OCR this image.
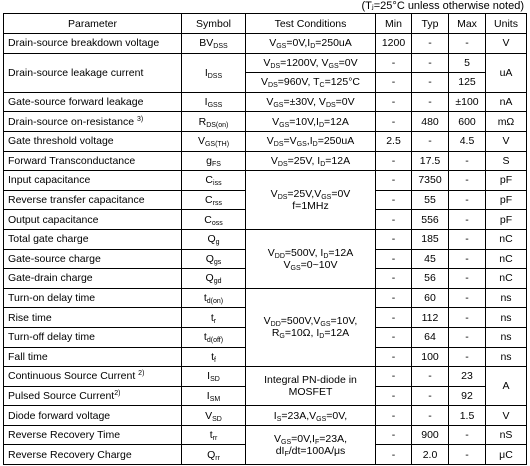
(Tⱼ=25°C unless otherwise noted)
Parameter	Symbol	Test Conditions	Min	Typ	Max	Units
Drain-source breakdown voltage	$BV_{DSS}$	$V_{GS}=0V,I_D=250uA$	1200	-	-	V
Drain-source leakage current	$I_{DSS}$	$V_{DS}=1200V$, $V_{GS}=0V$	-	-	5	uA
		$V_{DS}=960V$, $T_C=125^\circ C$	-	-	125	
Gate-source forward leakage	$I_{GSS}$	$V_{GS}=\pm 30V$, $V_{DS}=0V$	-	-	±100	nA
Drain-source on-resistance $^{3)}$	$R_{DS(on)}$	$V_{GS}=10V,I_D=12A$	-	480	600	mΩ
Gate threshold voltage	$V_{GS(TH)}$	$V_{DS}=V_{GS},I_D=250uA$	2.5	-	4.5	V
Forward Transconductance	$g_{FS}$	$V_{DS}=25V$, $I_D=12A$	-	17.5	-	S
Input capacitance	$C_{iss}$	$V_{DS}=25V,V_{GS}=0V$
f=1MHz	-	7350	-	pF
Reverse transfer capacitance	$C_{rss}$		-	55	-	pF
Output capacitance	$C_{oss}$		-	556	-	pF
Total gate charge	$Q_g$	$V_{DD}=500V$, $I_D=12A$
$V_{GS}=0\sim 10V$	-	185	-	nC
Gate-source charge	$Q_{gs}$		-	45	-	nC
Gate-drain charge	$Q_{gd}$		-	56	-	nC
Turn-on delay time	$t_{d(on)}$	$V_{DD}=500V,V_{GS}=10V$,
$R_G=10\Omega$, $I_D=12A$	-	60	-	ns
Rise time	$t_r$		-	112	-	ns
Turn-off delay time	$t_{d(off)}$		-	64	-	ns
Fall time	$t_f$		-	100	-	ns
Continuous Source Current $^{2)}$	$I_{SD}$	Integral PN-diode in
MOSFET	-	-	23	A
Pulsed Source Current$^{2)}$	$I_{SM}$		-	-	92	
Diode forward voltage	$V_{SD}$	$I_S=23A,V_{GS}=0V$,	-	-	1.5	V
Reverse Recovery Time	$t_{rr}$	$V_{GS}=0V,I_F=23A$,
$dI_F/dt=100A/\mu s$	-	900	-	nS
Reverse Recovery Charge	$Q_{rr}$		-	2.0	-	μC
